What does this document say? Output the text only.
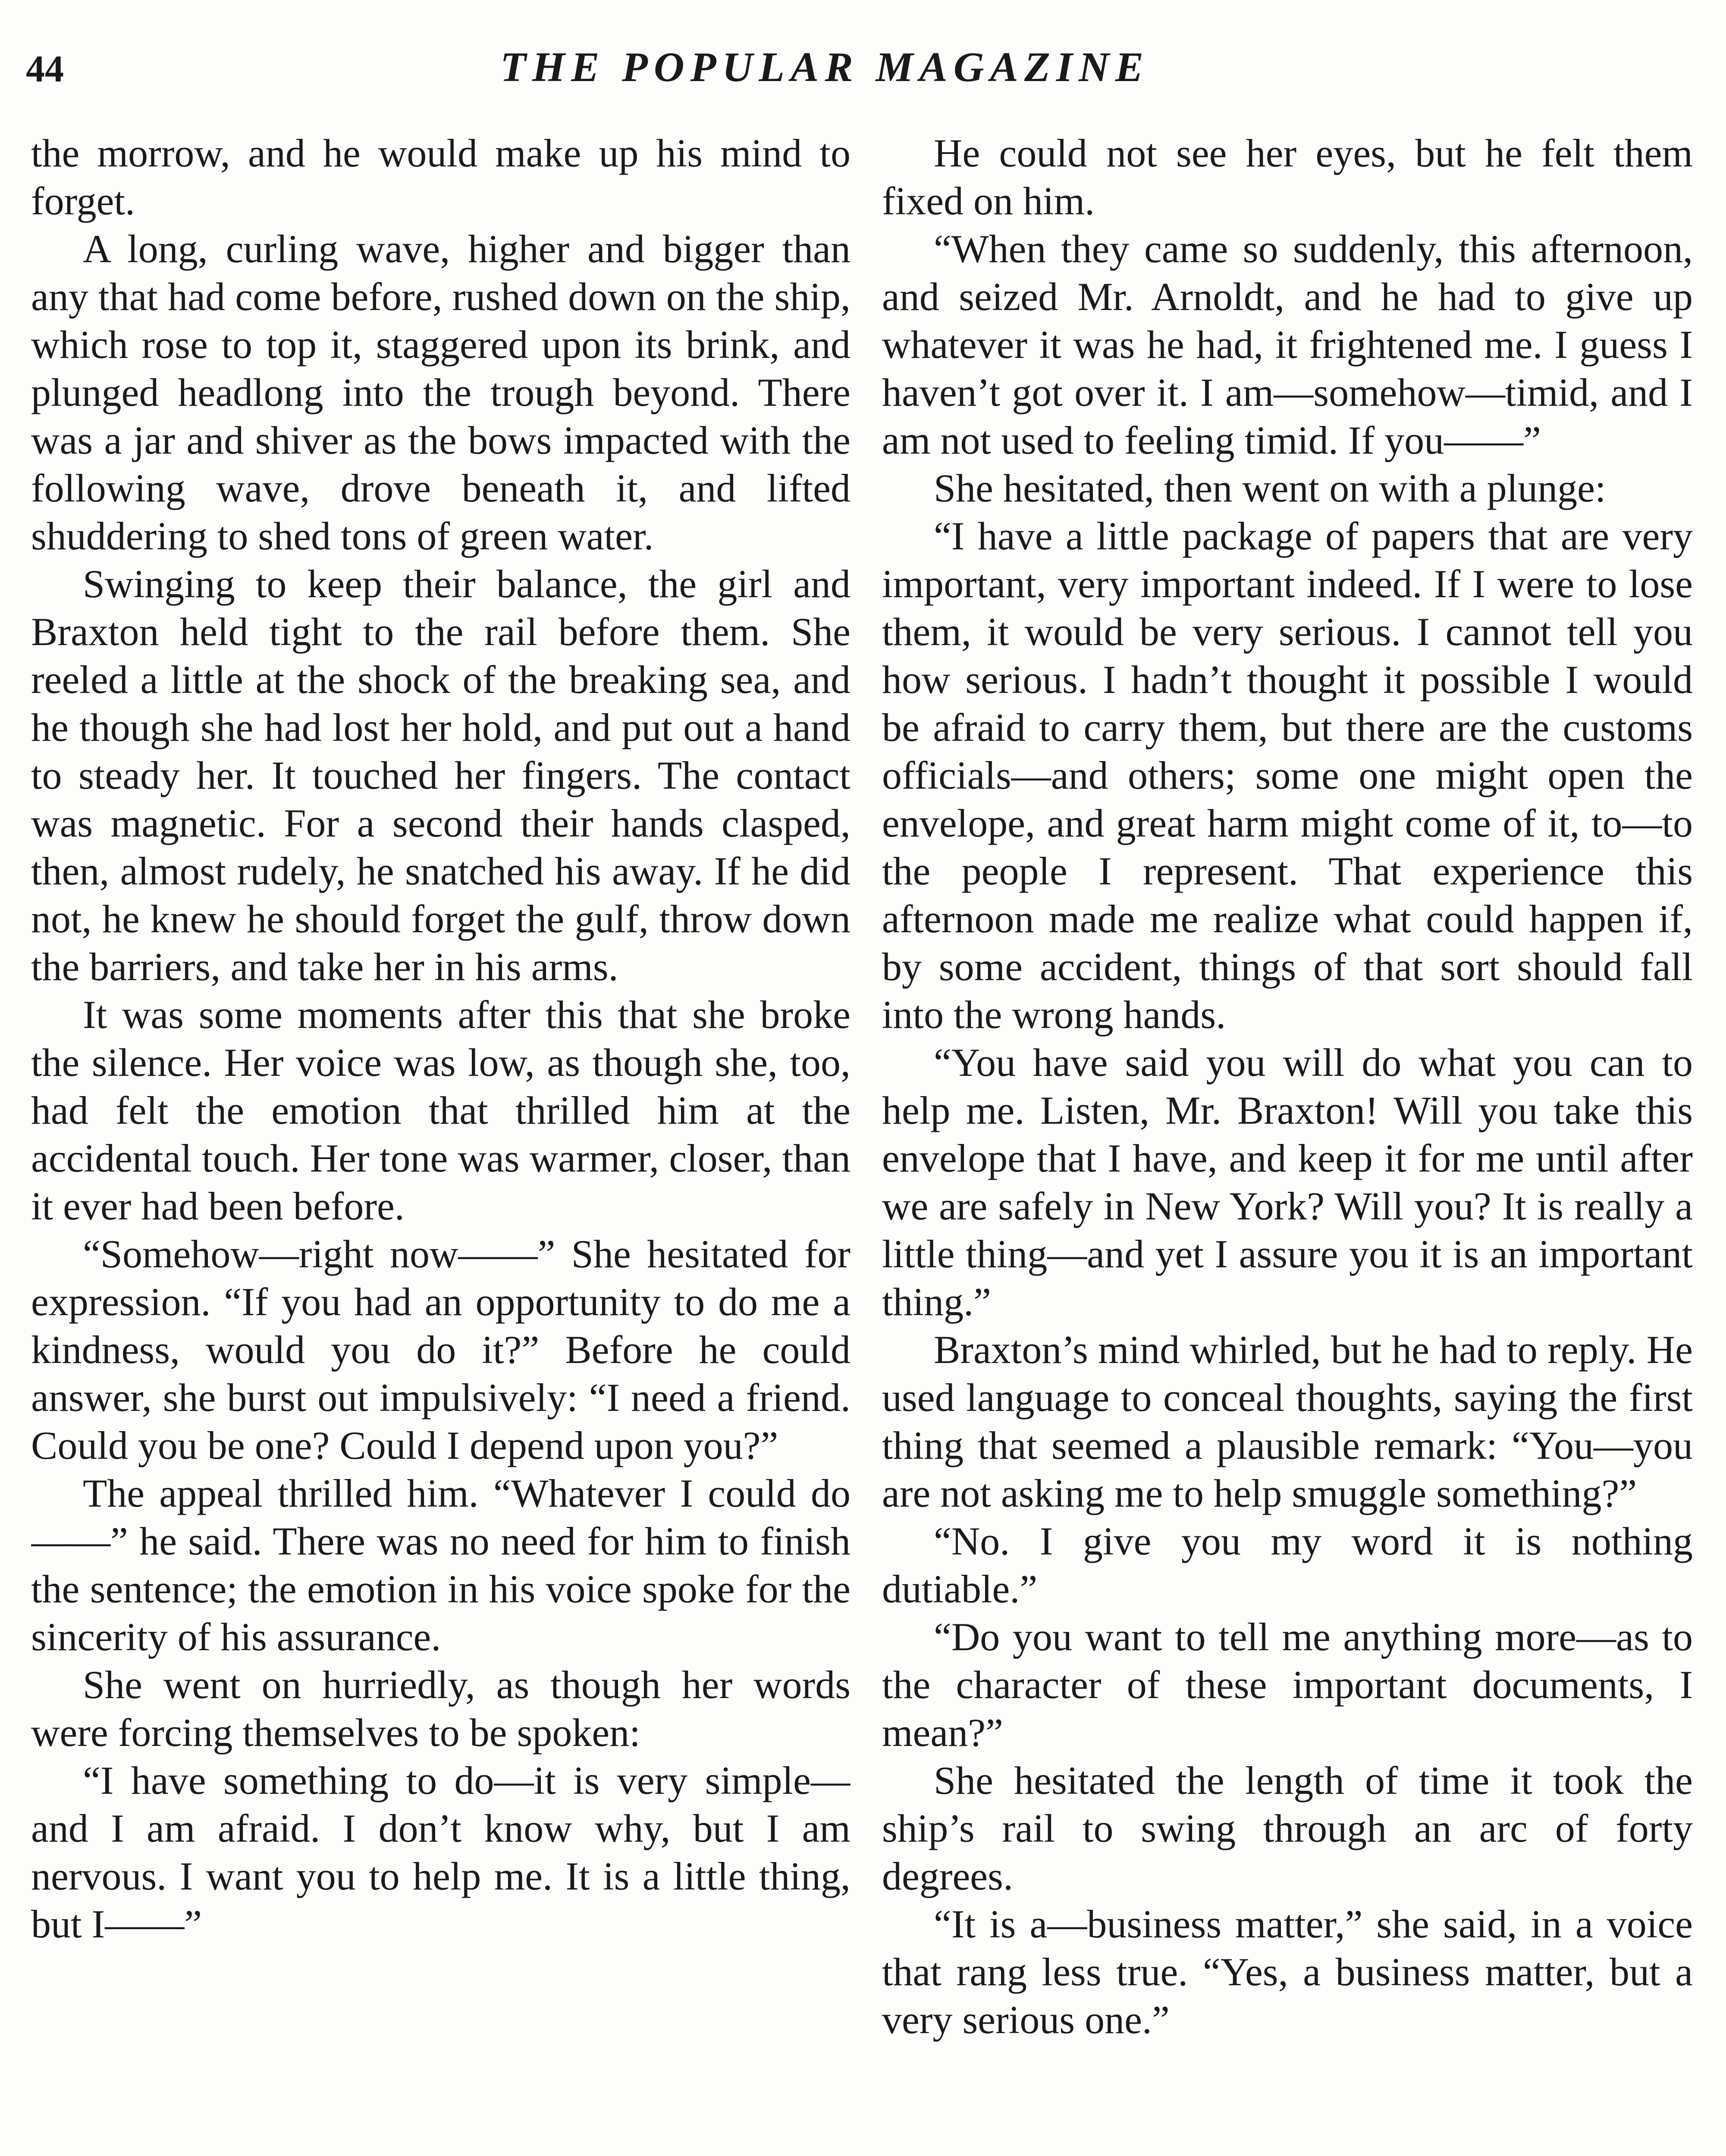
44	THE POPULAR MAGAZINE

the morrow, and he would make up his mind to forget.

A long, curling wave, higher and bigger than any that had come before, rushed down on the ship, which rose to top it, staggered upon its brink, and plunged headlong into the trough beyond. There was a jar and shiver as the bows impacted with the following wave, drove beneath it, and lifted shuddering to shed tons of green water.

Swinging to keep their balance, the girl and Braxton held tight to the rail before them. She reeled a little at the shock of the breaking sea, and he though she had lost her hold, and put out a hand to steady her. It touched her fingers. The contact was magnetic. For a second their hands clasped, then, almost rudely, he snatched his away. If he did not, he knew he should forget the gulf, throw down the barriers, and take her in his arms.

It was some moments after this that she broke the silence. Her voice was low, as though she, too, had felt the emotion that thrilled him at the accidental touch. Her tone was warmer, closer, than it ever had been before.

“Somehow—right now——” She hesitated for expression. “If you had an opportunity to do me a kindness, would you do it?” Before he could answer, she burst out impulsively: “I need a friend. Could you be one? Could I depend upon you?”

The appeal thrilled him. “Whatever I could do——” he said. There was no need for him to finish the sentence; the emotion in his voice spoke for the sincerity of his assurance.

She went on hurriedly, as though her words were forcing themselves to be spoken:

“I have something to do—it is very simple—and I am afraid. I don’t know why, but I am nervous. I want you to help me. It is a little thing, but I——”

He could not see her eyes, but he felt them fixed on him.

“When they came so suddenly, this afternoon, and seized Mr. Arnoldt, and he had to give up whatever it was he had, it frightened me. I guess I haven’t got over it. I am—somehow—timid, and I am not used to feeling timid. If you——”

She hesitated, then went on with a plunge:

“I have a little package of papers that are very important, very important indeed. If I were to lose them, it would be very serious. I cannot tell you how serious. I hadn’t thought it possible I would be afraid to carry them, but there are the customs officials—and others; some one might open the envelope, and great harm might come of it, to—to the people I represent. That experience this afternoon made me realize what could happen if, by some accident, things of that sort should fall into the wrong hands.

“You have said you will do what you can to help me. Listen, Mr. Braxton! Will you take this envelope that I have, and keep it for me until after we are safely in New York? Will you? It is really a little thing—and yet I assure you it is an important thing.”

Braxton’s mind whirled, but he had to reply. He used language to conceal thoughts, saying the first thing that seemed a plausible remark: “You—you are not asking me to help smuggle something?”

“No. I give you my word it is nothing dutiable.”

“Do you want to tell me anything more—as to the character of these important documents, I mean?”

She hesitated the length of time it took the ship’s rail to swing through an arc of forty degrees.

“It is a—business matter,” she said, in a voice that rang less true. “Yes, a business matter, but a very serious one.”
